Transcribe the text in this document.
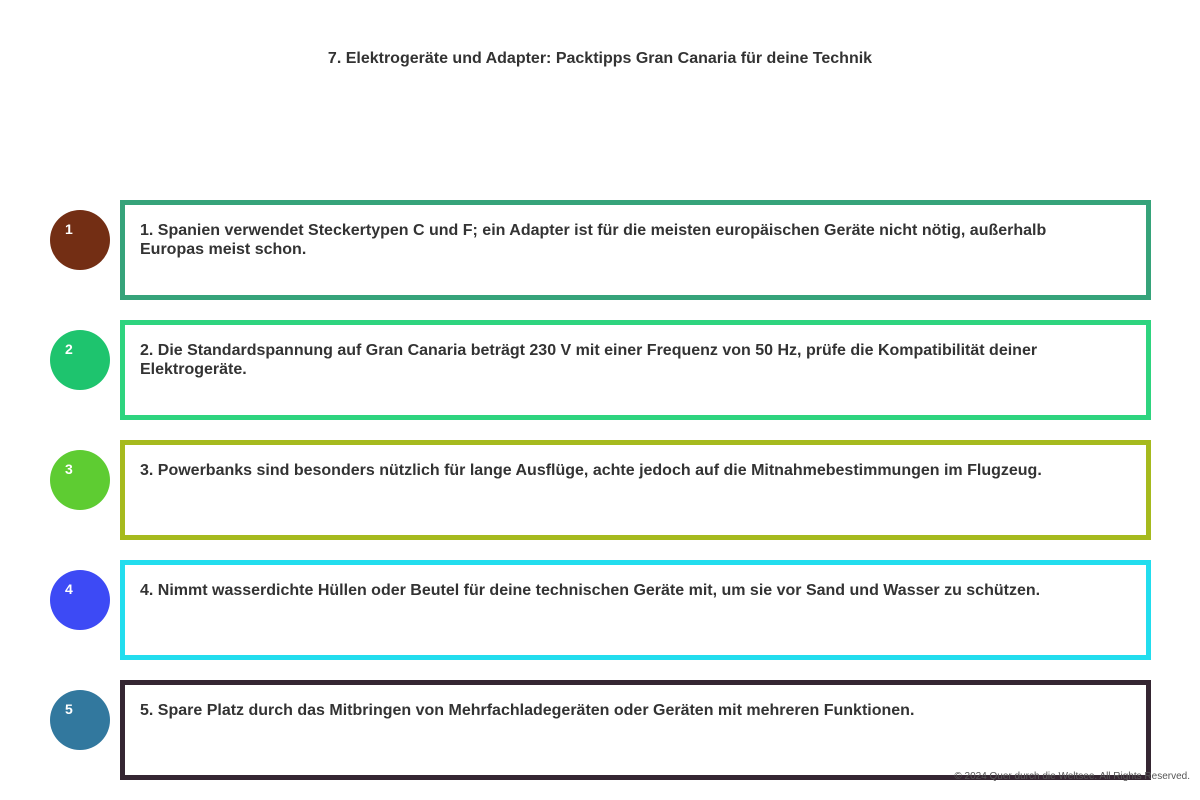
7. Elektrogeräte und Adapter: Packtipps Gran Canaria für deine Technik
1	1. Spanien verwendet Steckertypen C und F; ein Adapter ist für die meisten europäischen Geräte nicht nötig, außerhalb Europas meist schon.
2	2. Die Standardspannung auf Gran Canaria beträgt 230 V mit einer Frequenz von 50 Hz, prüfe die Kompatibilität deiner Elektrogeräte.
3	3. Powerbanks sind besonders nützlich für lange Ausflüge, achte jedoch auf die Mitnahmebestimmungen im Flugzeug.
4	4. Nimmt wasserdichte Hüllen oder Beutel für deine technischen Geräte mit, um sie vor Sand und Wasser zu schützen.
5	5. Spare Platz durch das Mitbringen von Mehrfachladegeräten oder Geräten mit mehreren Funktionen.
© 2024 Quer durch die Weltsee. All Rights Reserved.
